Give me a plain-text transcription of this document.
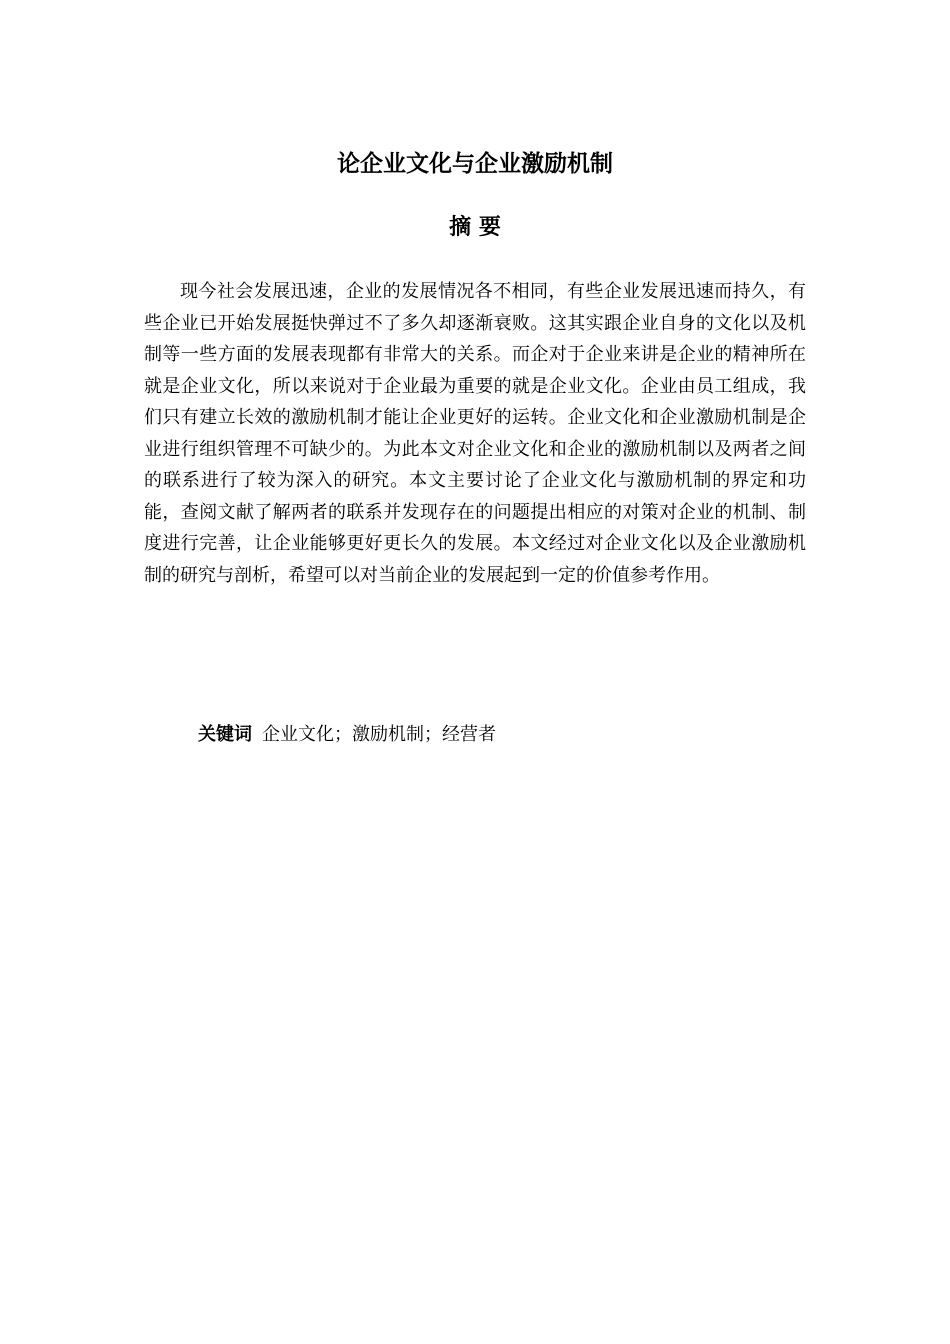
论企业文化与企业激励机制
摘 要

现今社会发展迅速，企业的发展情况各不相同，有些企业发展迅速而持久，有些企业已开始发展挺快弹过不了多久却逐渐衰败。这其实跟企业自身的文化以及机制等一些方面的发展表现都有非常大的关系。而企对于企业来讲是企业的精神所在就是企业文化，所以来说对于企业最为重要的就是企业文化。企业由员工组成，我们只有建立长效的激励机制才能让企业更好的运转。企业文化和企业激励机制是企业进行组织管理不可缺少的。为此本文对企业文化和企业的激励机制以及两者之间的联系进行了较为深入的研究。本文主要讨论了企业文化与激励机制的界定和功能，查阅文献了解两者的联系并发现存在的问题提出相应的对策对企业的机制、制度进行完善，让企业能够更好更长久的发展。本文经过对企业文化以及企业激励机制的研究与剖析，希望可以对当前企业的发展起到一定的价值参考作用。

关键词 企业文化；激励机制；经营者
